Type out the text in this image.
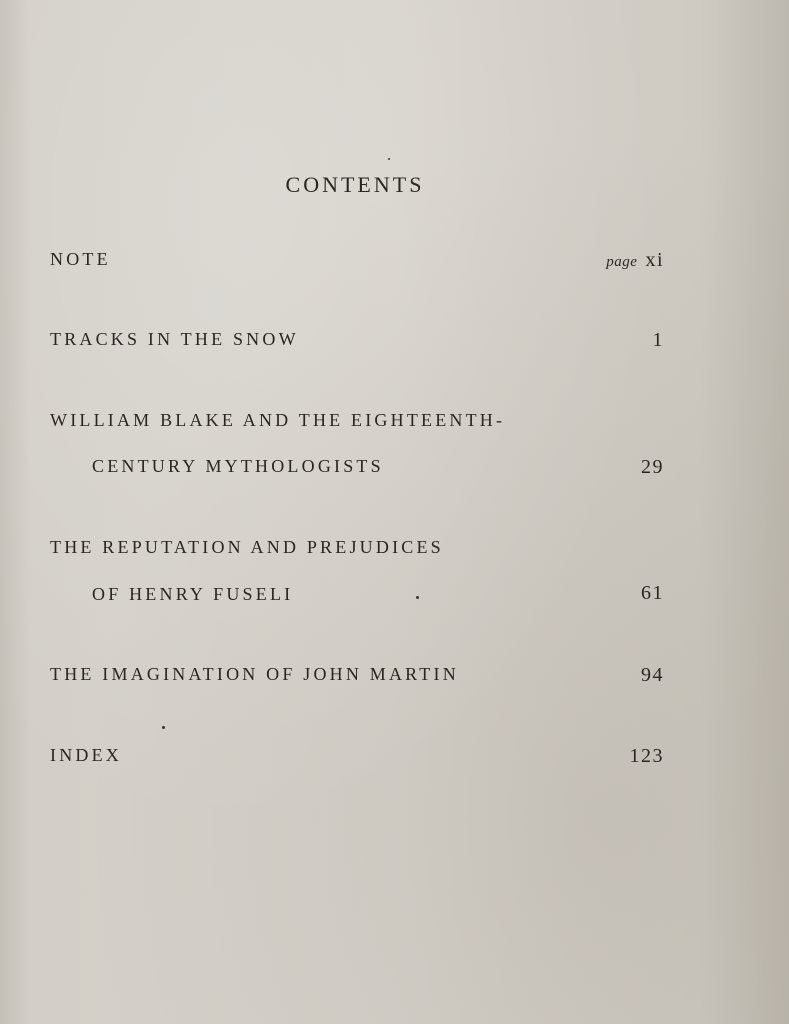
CONTENTS
NOTE	page xi
TRACKS IN THE SNOW	1
WILLIAM BLAKE AND THE EIGHTEENTH-
CENTURY MYTHOLOGISTS	29
THE REPUTATION AND PREJUDICES
OF HENRY FUSELI	61
THE IMAGINATION OF JOHN MARTIN	94
INDEX	123
